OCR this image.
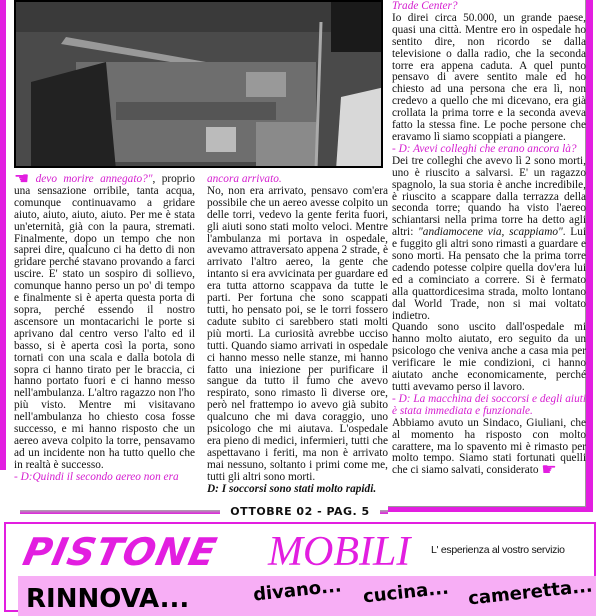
☚ devo morire annegato?", proprio una sensazione orribile, tanta acqua, comunque continuavamo a gridare aiuto, aiuto, aiuto, aiuto. Per me è stata un'eternità, già con la paura, stremati. Finalmente, dopo un tempo che non saprei dire, qualcuno ci ha detto di non gridare perché stavano provando a farci uscire. E' stato un sospiro di sollievo, comunque hanno perso un po' di tempo e finalmente si è aperta questa porta di sopra, perché essendo il nostro ascensore un montacarichi le porte si aprivano dal centro verso l'alto ed il basso, si è aperta così la porta, sono tornati con una scala e dalla botola di sopra ci hanno tirato per le braccia, ci hanno portato fuori e ci hanno messo nell'ambulanza. L'altro ragazzo non l'ho più visto. Mentre mi visitavano nell'ambulanza ho chiesto cosa fosse successo, e mi hanno risposto che un aereo aveva colpito la torre, pensavamo ad un incidente non ha tutto quello che in realtà è successo.

- D:Quindi il secondo aereo non era

ancora arrivato.

No, non era arrivato, pensavo com'era possibile che un aereo avesse colpito un delle torri, vedevo la gente ferita fuori, gli aiuti sono stati molto veloci. Mentre l'ambulanza mi portava in ospedale, avevamo attraversato appena 2 strade, è arrivato l'altro aereo, la gente che intanto si era avvicinata per guardare ed era tutta attorno scappava da tutte le parti. Per fortuna che sono scappati tutti, ho pensato poi, se le torri fossero cadute subito ci sarebbero stati molti più morti. La curiosità avrebbe ucciso tutti. Quando siamo arrivati in ospedale ci hanno messo nelle stanze, mi hanno fatto una iniezione per purificare il sangue da tutto il fumo che avevo respirato, sono rimasto lì diverse ore, però nel frattempo io avevo già subito qualcuno che mi dava coraggio, uno psicologo che mi aiutava. L'ospedale era pieno di medici, infermieri, tutti che aspettavano i feriti, ma non è arrivato mai nessuno, soltanto i primi come me, tutti gli altri sono morti.

D: I soccorsi sono stati molto rapidi.

Trade Center?

Io direi circa 50.000, un grande paese, quasi una città. Mentre ero in ospedale ho sentito dire, non ricordo se dalla televisione o dalla radio, che la seconda torre era appena caduta. A quel punto pensavo di avere sentito male ed ho chiesto ad una persona che era lì, non credevo a quello che mi dicevano, era già crollata la prima torre e la seconda aveva fatto la stessa fine. Le poche persone che eravamo lì siamo scoppiati a piangere.

- D: Avevi colleghi che erano ancora là?

Dei tre colleghi che avevo lì 2 sono morti, uno è riuscito a salvarsi. E' un ragazzo spagnolo, la sua storia è anche incredibile, è riuscito a scappare dalla terrazza della seconda torre; quando ha visto l'aereo schiantarsi nella prima torre ha detto agli altri: "andiamocene via, scappiamo". Lui e fuggito gli altri sono rimasti a guardare e sono morti. Ha pensato che la prima torre cadendo potesse colpire quella dov'era lui ed a cominciato a correre. Si è fermato alla quattordicesima strada, molto lontano dal World Trade, non si mai voltato indietro.

Quando sono uscito dall'ospedale mi hanno molto aiutato, ero seguito da un psicologo che veniva anche a casa mia per verificare le mie condizioni, ci hanno aiutato anche economicamente, perché tutti avevamo perso il lavoro.

- D: La macchina dei soccorsi e degli aiuti è stata immediata e funzionale.

Abbiamo avuto un Sindaco, Giuliani, che al momento ha risposto con molto carattere, ma lo spavento mi è rimasto per molto tempo. Siamo stati fortunati quelli che ci siamo salvati, considerato ☛

OTTOBRE 02 - PAG. 5
PISTONE MOBILI L' esperienza al vostro servizio
RINNOVA...	divano... cucina... cameretta...
